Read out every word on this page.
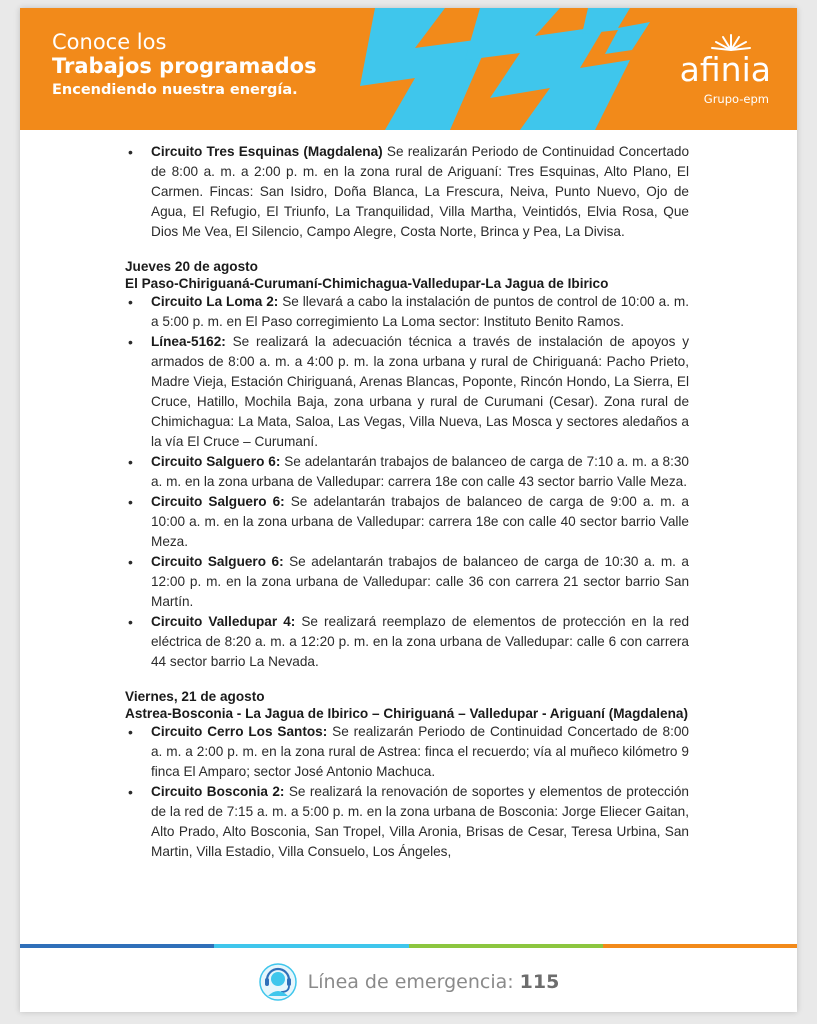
Conoce los
Trabajos programados
Encendiendo nuestra energía.
afinia
Grupo-epm
• Circuito Tres Esquinas (Magdalena) Se realizarán Periodo de Continuidad Concertado de 8:00 a. m. a 2:00 p. m. en la zona rural de Ariguaní: Tres Esquinas, Alto Plano, El Carmen. Fincas: San Isidro, Doña Blanca, La Frescura, Neiva, Punto Nuevo, Ojo de Agua, El Refugio, El Triunfo, La Tranquilidad, Villa Martha, Veintidós, Elvia Rosa, Que Dios Me Vea, El Silencio, Campo Alegre, Costa Norte, Brinca y Pea, La Divisa.
Jueves 20 de agosto
El Paso-Chiriguaná-Curumaní-Chimichagua-Valledupar-La Jagua de Ibirico
• Circuito La Loma 2: Se llevará a cabo la instalación de puntos de control de 10:00 a. m. a 5:00 p. m. en El Paso corregimiento La Loma sector: Instituto Benito Ramos.
• Línea-5162: Se realizará la adecuación técnica a través de instalación de apoyos y armados de 8:00 a. m. a 4:00 p. m. la zona urbana y rural de Chiriguaná: Pacho Prieto, Madre Vieja, Estación Chiriguaná, Arenas Blancas, Poponte, Rincón Hondo, La Sierra, El Cruce, Hatillo, Mochila Baja, zona urbana y rural de Curumani (Cesar). Zona rural de Chimichagua: La Mata, Saloa, Las Vegas, Villa Nueva, Las Mosca y sectores aledaños a la vía El Cruce – Curumaní.
• Circuito Salguero 6: Se adelantarán trabajos de balanceo de carga de 7:10 a. m. a 8:30 a. m. en la zona urbana de Valledupar: carrera 18e con calle 43 sector barrio Valle Meza.
• Circuito Salguero 6: Se adelantarán trabajos de balanceo de carga de 9:00 a. m. a 10:00 a. m. en la zona urbana de Valledupar: carrera 18e con calle 40 sector barrio Valle Meza.
• Circuito Salguero 6: Se adelantarán trabajos de balanceo de carga de 10:30 a. m. a 12:00 p. m. en la zona urbana de Valledupar: calle 36 con carrera 21 sector barrio San Martín.
• Circuito Valledupar 4: Se realizará reemplazo de elementos de protección en la red eléctrica de 8:20 a. m. a 12:20 p. m. en la zona urbana de Valledupar: calle 6 con carrera 44 sector barrio La Nevada.
Viernes, 21 de agosto
Astrea-Bosconia - La Jagua de Ibirico – Chiriguaná – Valledupar - Ariguaní (Magdalena)
• Circuito Cerro Los Santos: Se realizarán Periodo de Continuidad Concertado de 8:00 a. m. a 2:00 p. m. en la zona rural de Astrea: finca el recuerdo; vía al muñeco kilómetro 9 finca El Amparo; sector José Antonio Machuca.
• Circuito Bosconia 2: Se realizará la renovación de soportes y elementos de protección de la red de 7:15 a. m. a 5:00 p. m. en la zona urbana de Bosconia: Jorge Eliecer Gaitan, Alto Prado, Alto Bosconia, San Tropel, Villa Aronia, Brisas de Cesar, Teresa Urbina, San Martin, Villa Estadio, Villa Consuelo, Los Ángeles,
Línea de emergencia: 115
